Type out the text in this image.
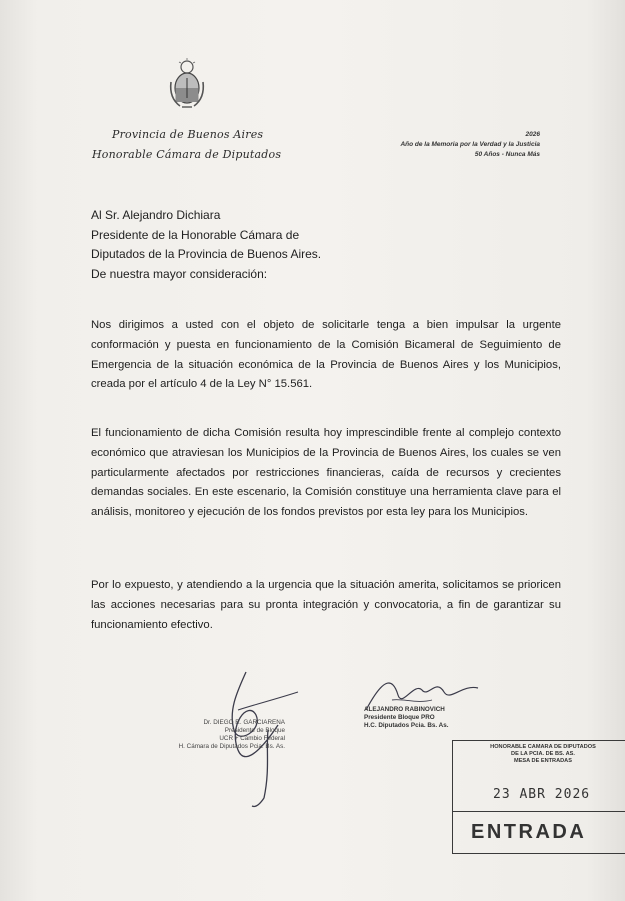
Provincia de Buenos Aires
Honorable Cámara de Diputados
2026
Año de la Memoria por la Verdad y la Justicia
50 Años - Nunca Más
Al Sr. Alejandro Dichiara
Presidente de la Honorable Cámara de
Diputados de la Provincia de Buenos Aires.
De nuestra mayor consideración:
Nos dirigimos a usted con el objeto de solicitarle tenga a bien impulsar la urgente conformación y puesta en funcionamiento de la Comisión Bicameral de Seguimiento de Emergencia de la situación económica de la Provincia de Buenos Aires y los Municipios, creada por el artículo 4 de la Ley N° 15.561.
El funcionamiento de dicha Comisión resulta hoy imprescindible frente al complejo contexto económico que atraviesan los Municipios de la Provincia de Buenos Aires, los cuales se ven particularmente afectados por restricciones financieras, caída de recursos y crecientes demandas sociales. En este escenario, la Comisión constituye una herramienta clave para el análisis, monitoreo y ejecución de los fondos previstos por esta ley para los Municipios.
Por lo expuesto, y atendiendo a la urgencia que la situación amerita, solicitamos se prioricen las acciones necesarias para su pronta integración y convocatoria, a fin de garantizar su funcionamiento efectivo.
Dr. DIEGO R. GARCIARENA
Presidente de Bloque
UCR + Cambio Federal
H. Cámara de Diputados Pcia. Bs. As.
ALEJANDRO RABINOVICH
Presidente Bloque PRO
H.C. Diputados Pcia. Bs. As.
HONORABLE CAMARA DE DIPUTADOS
DE LA PCIA. DE BS. AS.
MESA DE ENTRADAS
23 ABR 2026
ENTRADA
